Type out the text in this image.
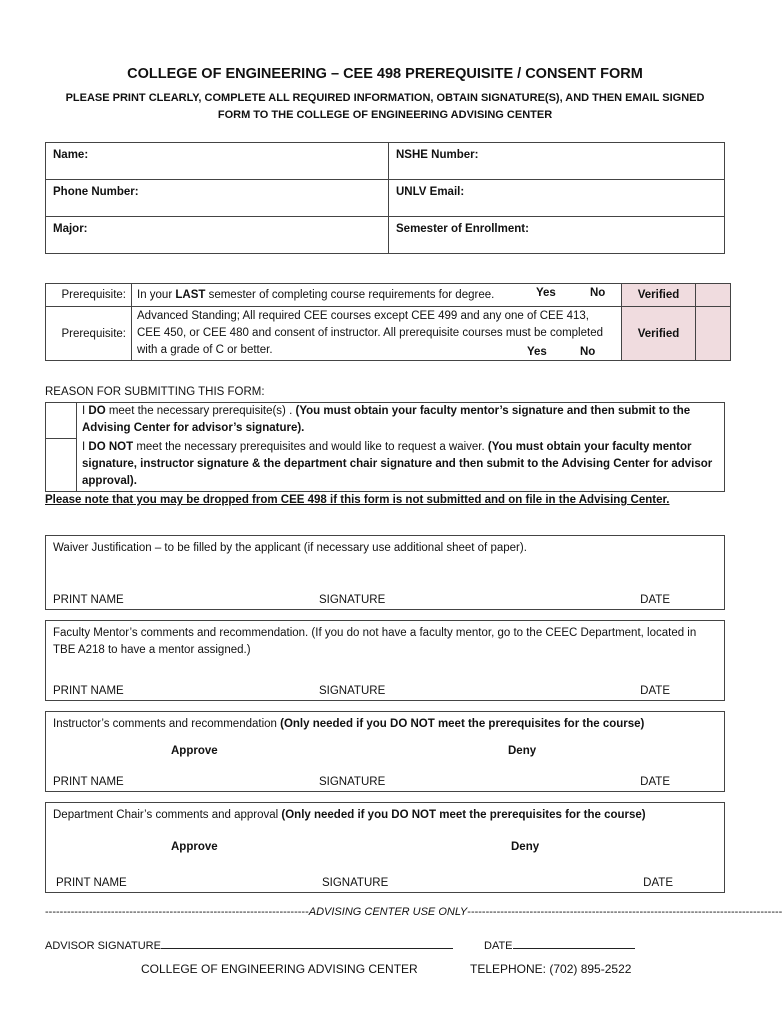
COLLEGE OF ENGINEERING – CEE 498 PREREQUISITE / CONSENT FORM
PLEASE PRINT CLEARLY, COMPLETE ALL REQUIRED INFORMATION, OBTAIN SIGNATURE(S), AND THEN EMAIL SIGNED
FORM TO THE COLLEGE OF ENGINEERING ADVISING CENTER
Name:	NSHE Number:
Phone Number:	UNLV Email:
Major:	Semester of Enrollment:
Prerequisite:	In your LAST semester of completing course requirements for degree. Yes No	Verified	
Prerequisite:	Advanced Standing; All required CEE courses except CEE 499 and any one of CEE 413, CEE 450, or CEE 480 and consent of instructor. All prerequisite courses must be completed with a grade of C or better. Yes No	Verified	
REASON FOR SUBMITTING THIS FORM:
I DO meet the necessary prerequisite(s) . (You must obtain your faculty mentor’s signature and then submit to the Advising Center for advisor’s signature).
I DO NOT meet the necessary prerequisites and would like to request a waiver. (You must obtain your faculty mentor signature, instructor signature & the department chair signature and then submit to the Advising Center for advisor approval).
Please note that you may be dropped from CEE 498 if this form is not submitted and on file in the Advising Center.
Waiver Justification – to be filled by the applicant (if necessary use additional sheet of paper).
PRINT NAME	SIGNATURE	DATE
Faculty Mentor’s comments and recommendation. (If you do not have a faculty mentor, go to the CEEC Department, located in TBE A218 to have a mentor assigned.)
PRINT NAME	SIGNATURE	DATE
Instructor’s comments and recommendation (Only needed if you DO NOT meet the prerequisites for the course)
Approve	Deny
PRINT NAME	SIGNATURE	DATE
Department Chair’s comments and approval (Only needed if you DO NOT meet the prerequisites for the course)
Approve	Deny
PRINT NAME	SIGNATURE	DATE
------------------------------------------------------------------------ADVISING CENTER USE ONLY--------------------------------------------------------------------------------------
ADVISOR SIGNATURE	DATE
COLLEGE OF ENGINEERING ADVISING CENTER	TELEPHONE: (702) 895-2522
